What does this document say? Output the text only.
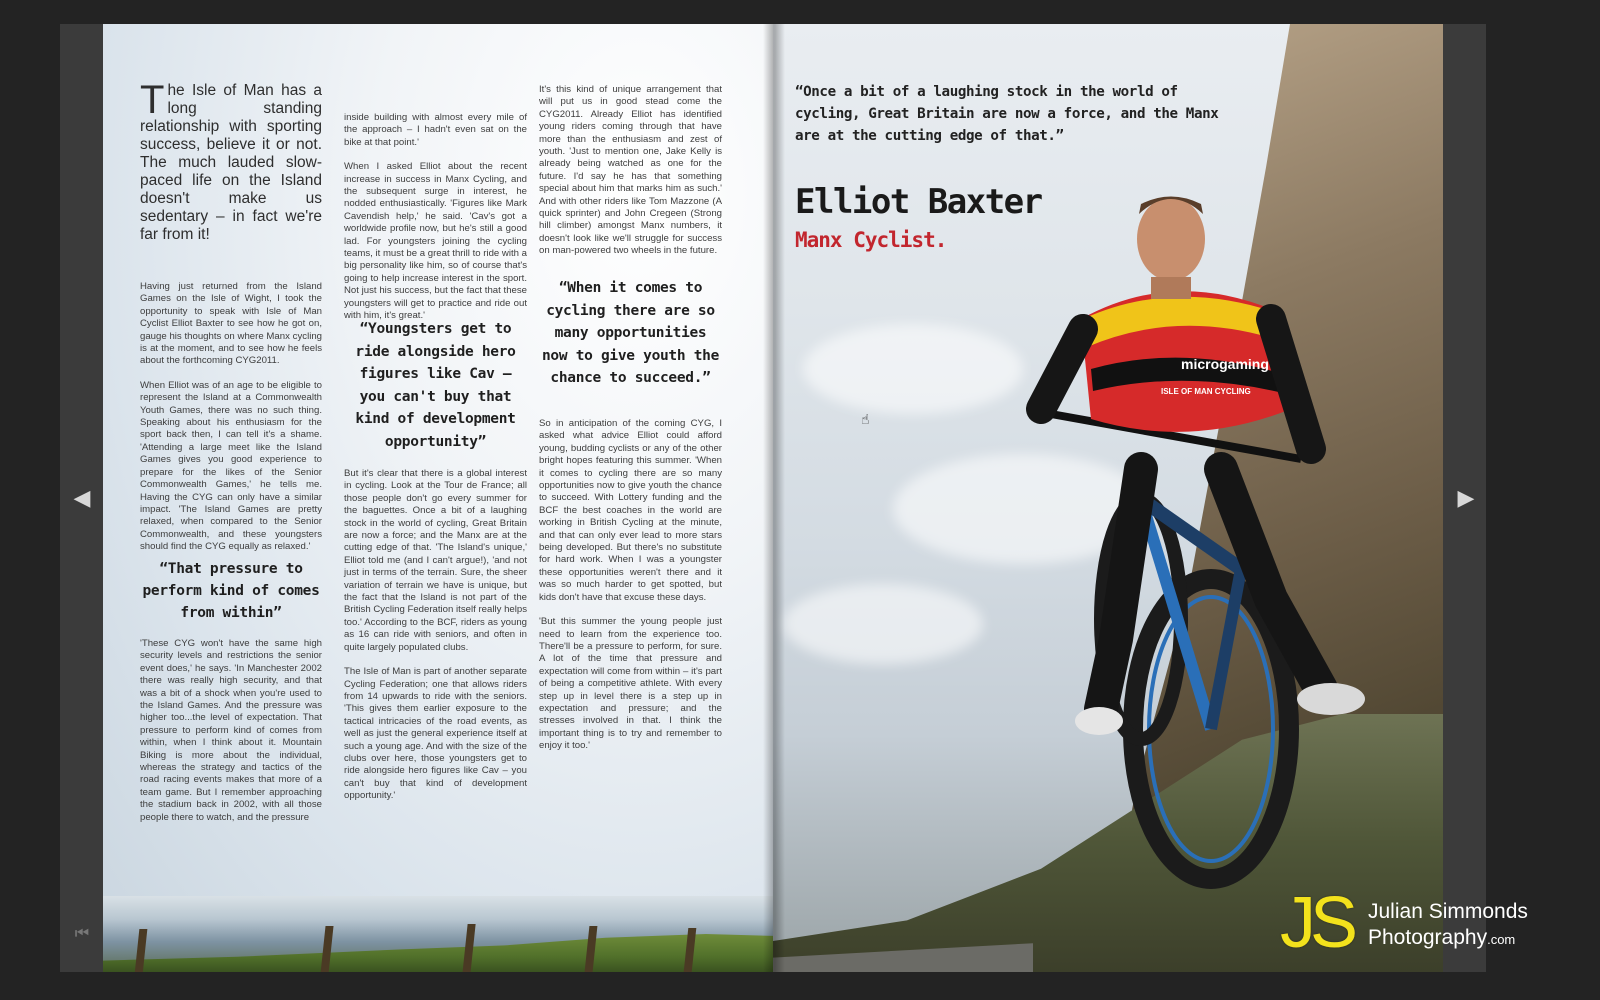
◀	▶
⏮
T he Isle of Man has a long standing relationship with sporting success, believe it or not. The much lauded slow-paced life on the Island doesn't make us sedentary – in fact we're far from it!

Having just returned from the Island Games on the Isle of Wight, I took the opportunity to speak with Isle of Man Cyclist Elliot Baxter to see how he got on, gauge his thoughts on where Manx cycling is at the moment, and to see how he feels about the forthcoming CYG2011.

When Elliot was of an age to be eligible to represent the Island at a Commonwealth Youth Games, there was no such thing. Speaking about his enthusiasm for the sport back then, I can tell it's a shame. 'Attending a large meet like the Island Games gives you good experience to prepare for the likes of the Senior Commonwealth Games,' he tells me. Having the CYG can only have a similar impact. 'The Island Games are pretty relaxed, when compared to the Senior Commonwealth, and these youngsters should find the CYG equally as relaxed.'

“That pressure to perform kind of comes from within”

'These CYG won't have the same high security levels and restrictions the senior event does,' he says. 'In Manchester 2002 there was really high security, and that was a bit of a shock when you're used to the Island Games. And the pressure was higher too...the level of expectation. That pressure to perform kind of comes from within, when I think about it. Mountain Biking is more about the individual, whereas the strategy and tactics of the road racing events makes that more of a team game. But I remember approaching the stadium back in 2002, with all those people there to watch, and the pressure

inside building with almost every mile of the approach – I hadn't even sat on the bike at that point.'

When I asked Elliot about the recent increase in success in Manx Cycling, and the subsequent surge in interest, he nodded enthusiastically. 'Figures like Mark Cavendish help,' he said. 'Cav's got a worldwide profile now, but he's still a good lad. For youngsters joining the cycling teams, it must be a great thrill to ride with a big personality like him, so of course that's going to help increase interest in the sport. Not just his success, but the fact that these youngsters will get to practice and ride out with him, it's great.'

“Youngsters get to ride alongside hero figures like Cav – you can't buy that kind of development opportunity”

But it's clear that there is a global interest in cycling. Look at the Tour de France; all those people don't go every summer for the baguettes. Once a bit of a laughing stock in the world of cycling, Great Britain are now a force; and the Manx are at the cutting edge of that. 'The Island's unique,' Elliot told me (and I can't argue!), 'and not just in terms of the terrain. Sure, the sheer variation of terrain we have is unique, but the fact that the Island is not part of the British Cycling Federation itself really helps too.' According to the BCF, riders as young as 16 can ride with seniors, and often in quite largely populated clubs.

The Isle of Man is part of another separate Cycling Federation; one that allows riders from 14 upwards to ride with the seniors. 'This gives them earlier exposure to the tactical intricacies of the road events, as well as just the general experience itself at such a young age. And with the size of the clubs over here, those youngsters get to ride alongside hero figures like Cav – you can't buy that kind of development opportunity.'

It's this kind of unique arrangement that will put us in good stead come the CYG2011. Already Elliot has identified young riders coming through that have more than the enthusiasm and zest of youth. 'Just to mention one, Jake Kelly is already being watched as one for the future. I'd say he has that something special about him that marks him as such.' And with other riders like Tom Mazzone (A quick sprinter) and John Cregeen (Strong hill climber) amongst Manx numbers, it doesn't look like we'll struggle for success on man-powered two wheels in the future.

“When it comes to cycling there are so many opportunities now to give youth the chance to succeed.”

So in anticipation of the coming CYG, I asked what advice Elliot could afford young, budding cyclists or any of the other bright hopes featuring this summer. 'When it comes to cycling there are so many opportunities now to give youth the chance to succeed. With Lottery funding and the BCF the best coaches in the world are working in British Cycling at the minute, and that can only ever lead to more stars being developed. But there's no substitute for hard work. When I was a youngster these opportunities weren't there and it was so much harder to get spotted, but kids don't have that excuse these days.

'But this summer the young people just need to learn from the experience too. There'll be a pressure to perform, for sure. A lot of the time that pressure and expectation will come from within – it's part of being a competitive athlete. With every step up in level there is a step up in expectation and pressure; and the stresses involved in that. I think the important thing is to try and remember to enjoy it too.'

microgaming
ISLE OF MAN CYCLING
“Once a bit of a laughing stock in the world of cycling, Great Britain are now a force, and the Manx are at the cutting edge of that.”
Elliot Baxter
Manx Cyclist.
☝
JS Julian Simmonds
Photography.com
